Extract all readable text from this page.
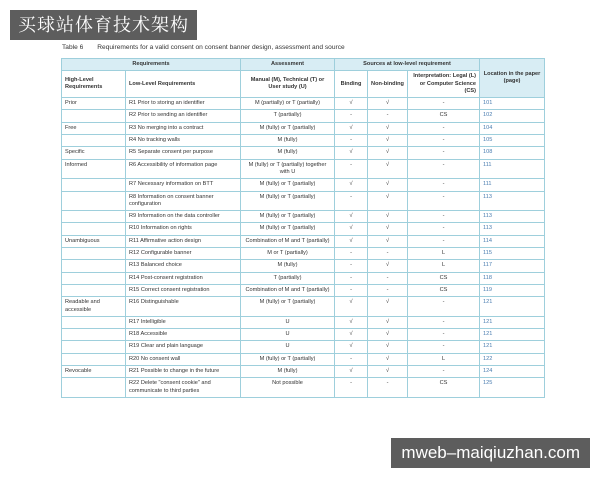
买球站体育技术架构
Table 6 Requirements for a valid consent on consent banner design, assessment and source
Requirements		Assessment	Sources at low-level requirement			Location in the paper (page)
High-Level Requirements	Low-Level Requirements	Manual (M), Technical (T) or User study (U)	Binding	Non-binding	Interpretation: Legal (L) or Computer Science (CS)	
Prior	R1 Prior to storing an identifier	M (partially) or T (partially)	√	√	-	101
	R2 Prior to sending an identifier	T (partially)	-	-	CS	102
Free	R3 No merging into a contract	M (fully) or T (partially)	√	√	-	104
	R4 No tracking walls	M (fully)	-	√	-	105
Specific	R5 Separate consent per purpose	M (fully)	√	√	-	108
Informed	R6 Accessibility of information page	M (fully) or T (partially) together with U	-	√	-	111
	R7 Necessary information on BTT	M (fully) or T (partially)	√	√	-	111
	R8 Information on consent banner configuration	M (fully) or T (partially)	-	√	-	113
	R9 Information on the data controller	M (fully) or T (partially)	√	√	-	113
	R10 Information on rights	M (fully) or T (partially)	√	√	-	113
Unambiguous	R11 Affirmative action design	Combination of M and T (partially)	√	√	-	114
	R12 Configurable banner	M or T (partially)	-	-	L	115
	R13 Balanced choice	M (fully)	-	√	L	117
	R14 Post-consent registration	T (partially)	-	-	CS	118
	R15 Correct consent registration	Combination of M and T (partially)	-	-	CS	119
Readable and accessible	R16 Distinguishable	M (fully) or T (partially)	√	√	-	121
	R17 Intelligible	U	√	√	-	121
	R18 Accessible	U	√	√	-	121
	R19 Clear and plain language	U	√	√	-	121
	R20 No consent wall	M (fully) or T (partially)	-	√	L	122
Revocable	R21 Possible to change in the future	M (fully)	√	√	-	124
	R22 Delete "consent cookie" and communicate to third parties	Not possible	-	-	CS	125
mweb–maiqiuzhan.com
